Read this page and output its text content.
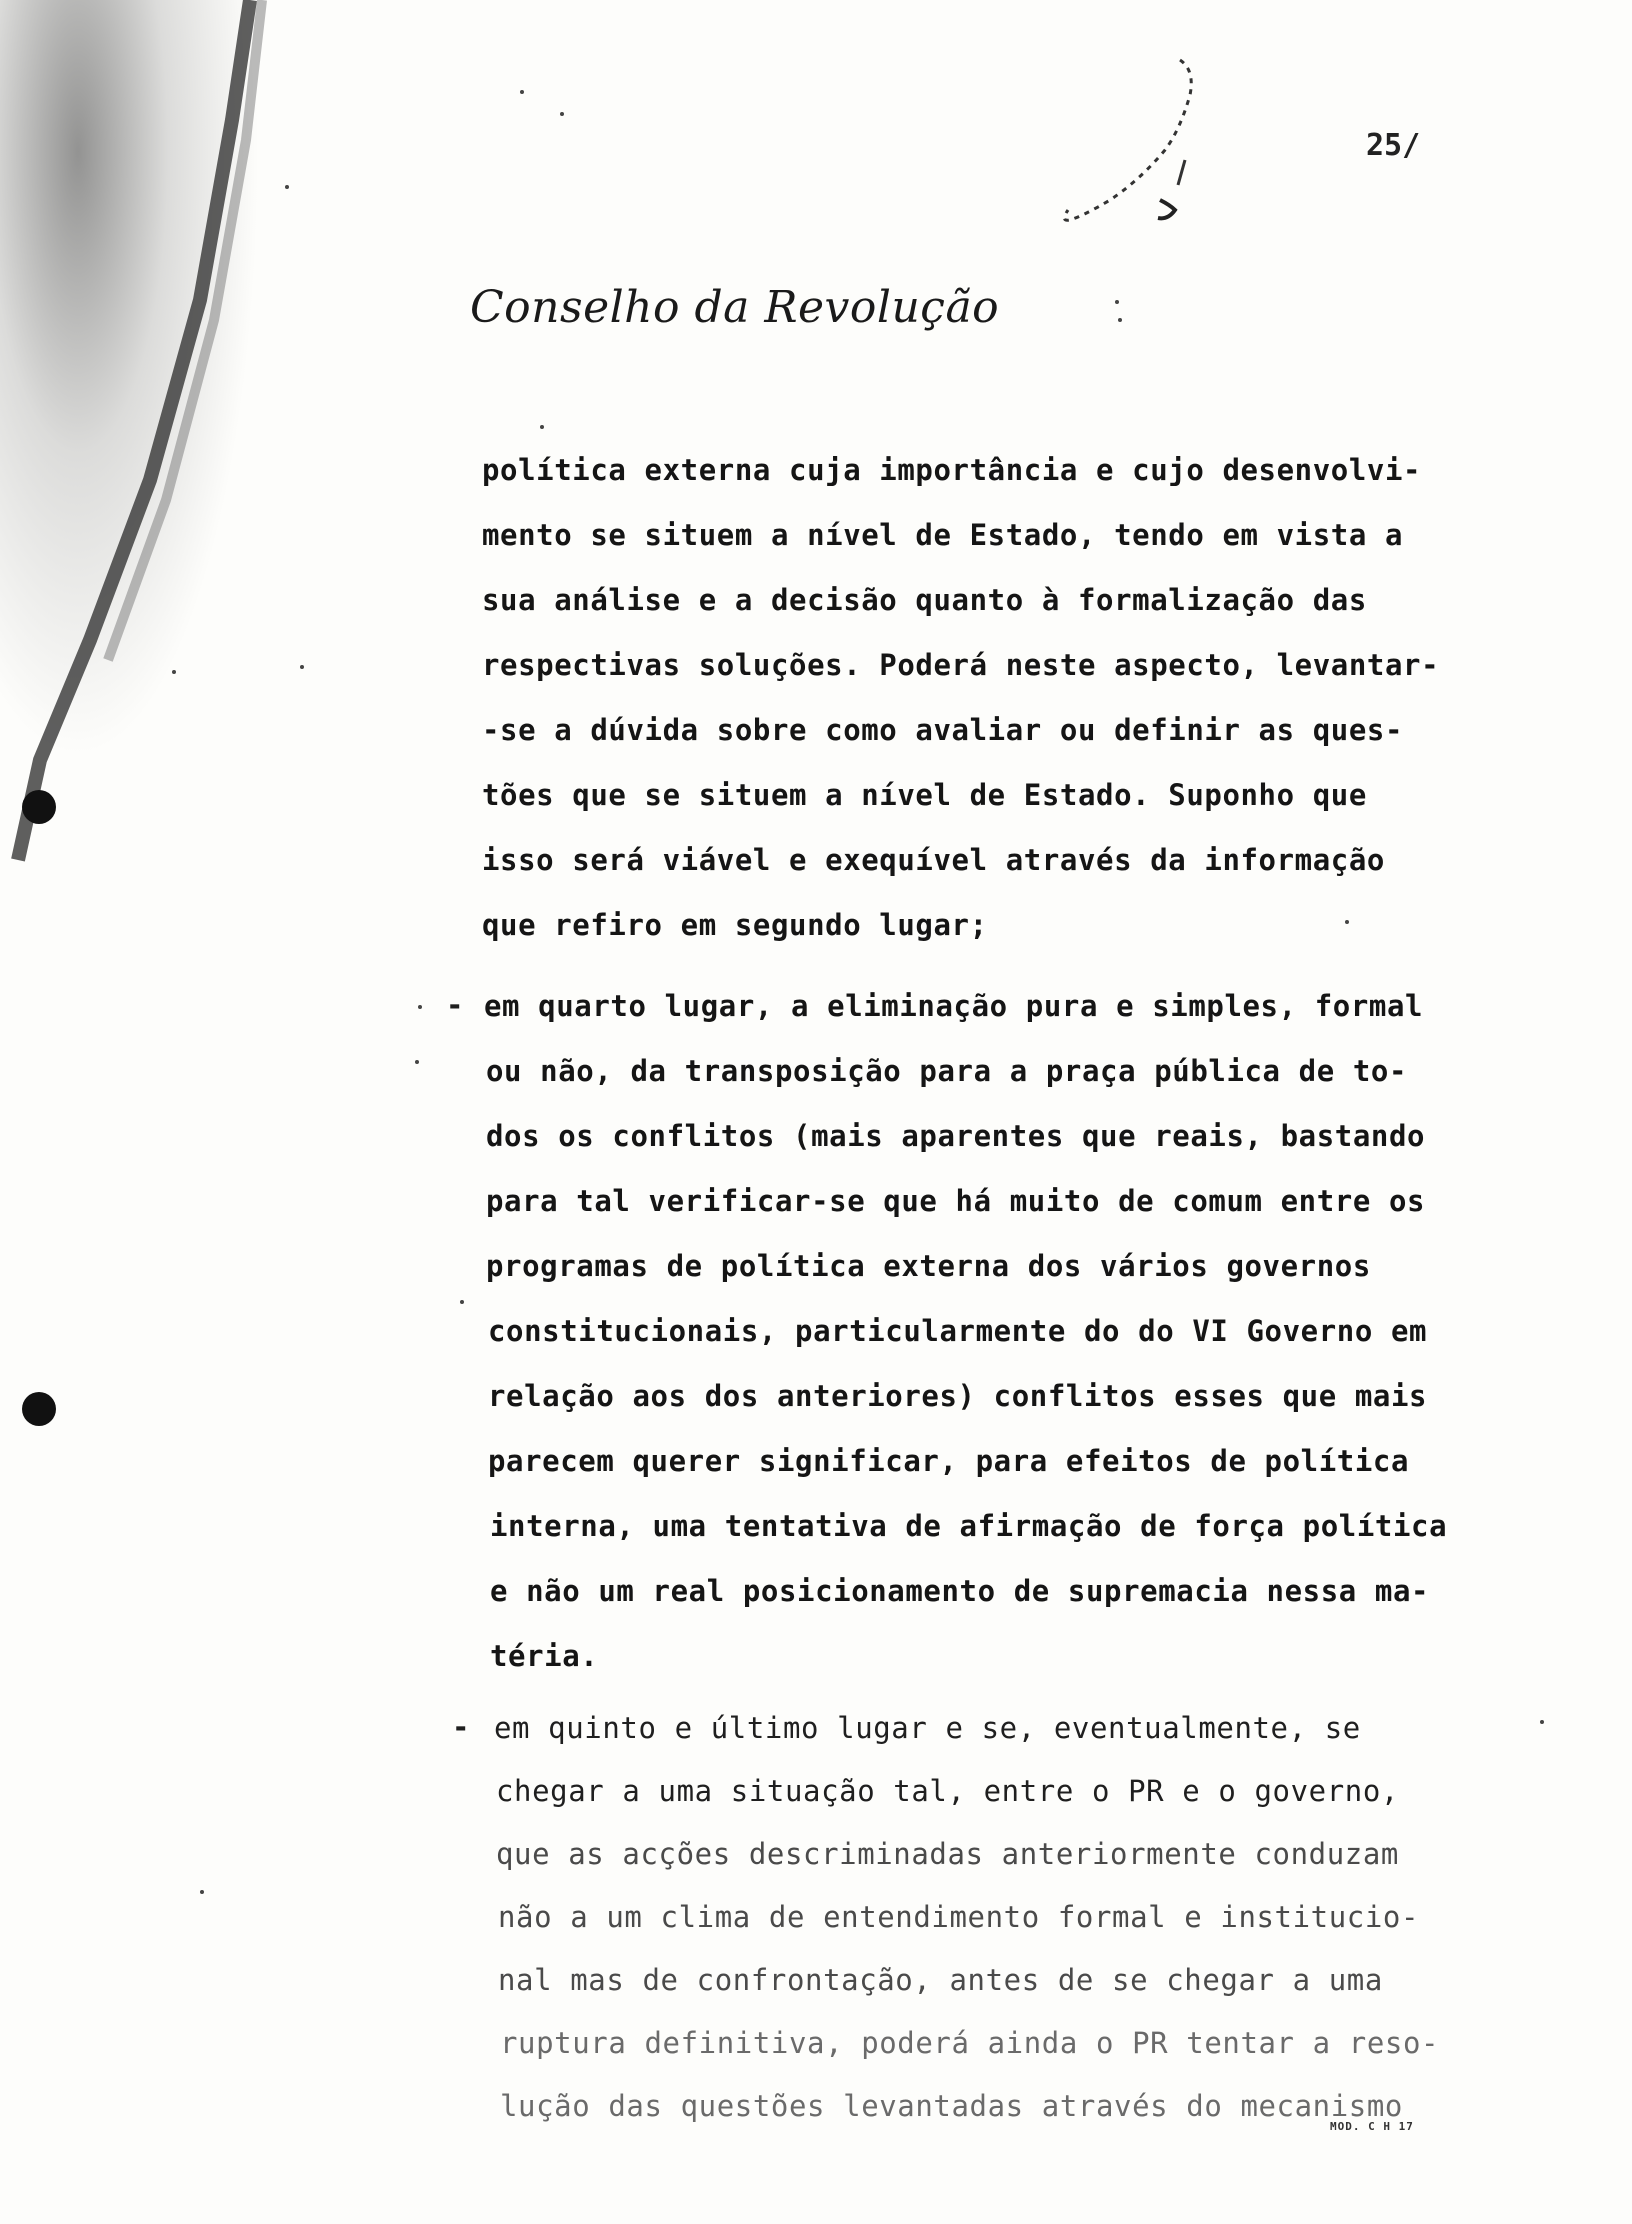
25/
Conselho da Revolução
política externa cuja importância e cujo desenvolvi-
mento se situem a nível de Estado, tendo em vista a
sua análise e a decisão quanto à formalização das
respectivas soluções. Poderá neste aspecto, levantar-
-se a dúvida sobre como avaliar ou definir as ques-
tões que se situem a nível de Estado. Suponho que
isso será viável e exequível através da informação
que refiro em segundo lugar;
- em quarto lugar, a eliminação pura e simples, formal
ou não, da transposição para a praça pública de to-
dos os conflitos (mais aparentes que reais, bastando
para tal verificar-se que há muito de comum entre os
programas de política externa dos vários governos
constitucionais, particularmente do do VI Governo em
relação aos dos anteriores) conflitos esses que mais
parecem querer significar, para efeitos de política
interna, uma tentativa de afirmação de força política
e não um real posicionamento de supremacia nessa ma-
téria.
- em quinto e último lugar e se, eventualmente, se
chegar a uma situação tal, entre o PR e o governo,
que as acções descriminadas anteriormente conduzam
não a um clima de entendimento formal e institucio-
nal mas de confrontação, antes de se chegar a uma
ruptura definitiva, poderá ainda o PR tentar a reso-
lução das questões levantadas através do mecanismo
MOD. C H 17
